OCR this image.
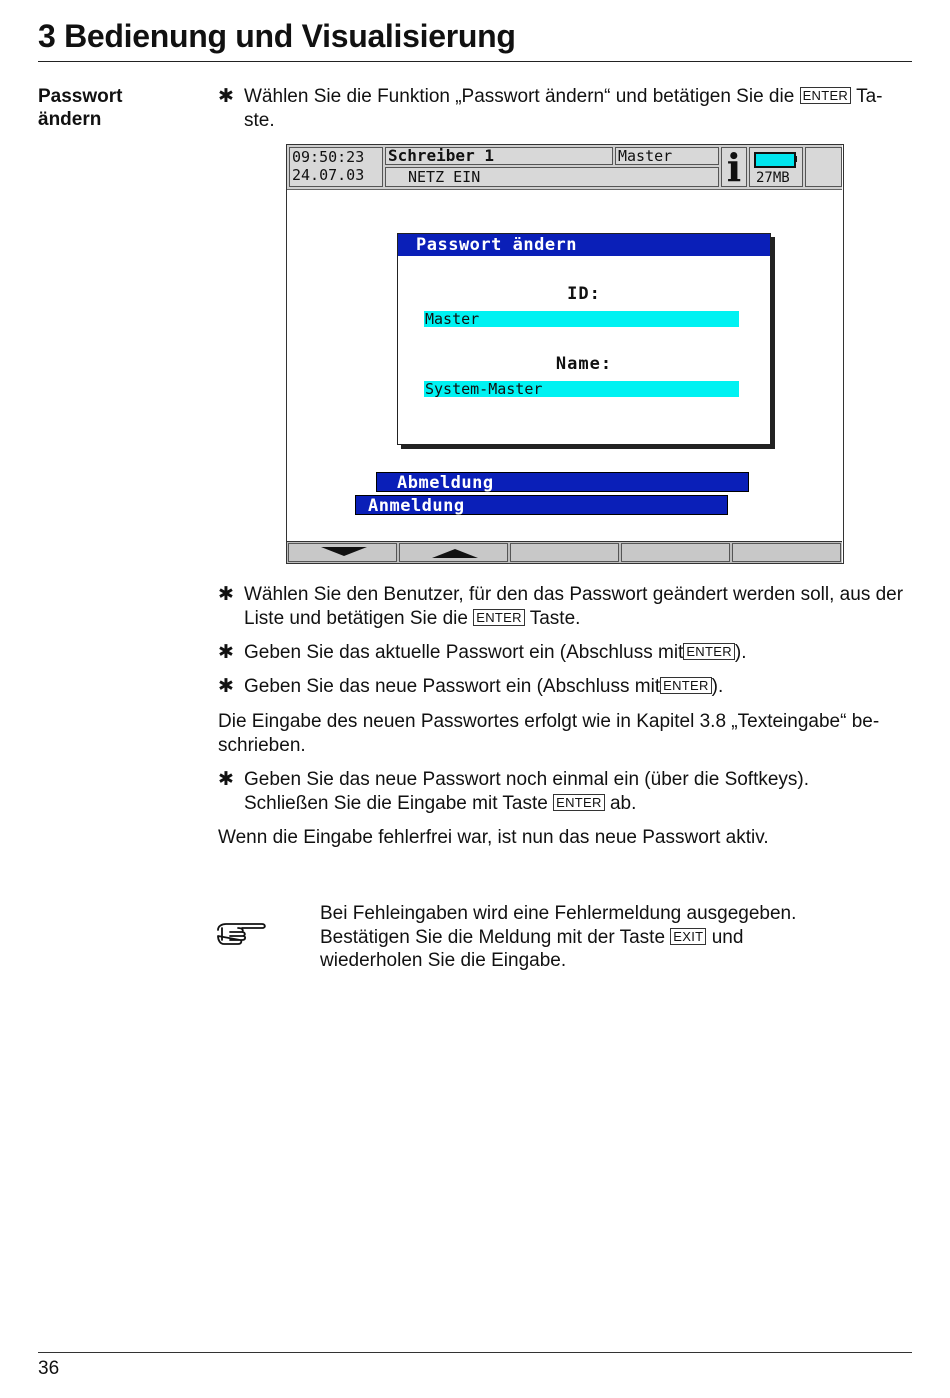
3 Bedienung und Visualisierung
Passwort
ändern
✱ Wählen Sie die Funktion „Passwort ändern“ und betätigen Sie die ENTER Ta-ste.
09:50:23
24.07.03
Schreiber 1	Master
NETZ EIN	i	27MB
Passwort ändern
ID:
Master
Name:
System-Master
Abmeldung
Anmeldung
✱ Wählen Sie den Benutzer, für den das Passwort geändert werden soll, aus der Liste und betätigen Sie die ENTER Taste.
✱ Geben Sie das aktuelle Passwort ein (Abschluss mit ENTER ).
✱ Geben Sie das neue Passwort ein (Abschluss mit ENTER ).
Die Eingabe des neuen Passwortes erfolgt wie in Kapitel 3.8 „Texteingabe“ be-schrieben.
✱ Geben Sie das neue Passwort noch einmal ein (über die Softkeys).
Schließen Sie die Eingabe mit Taste ENTER ab.
Wenn die Eingabe fehlerfrei war, ist nun das neue Passwort aktiv.
Bei Fehleingaben wird eine Fehlermeldung ausgegeben.
Bestätigen Sie die Meldung mit der Taste EXIT und
wiederholen Sie die Eingabe.
36
